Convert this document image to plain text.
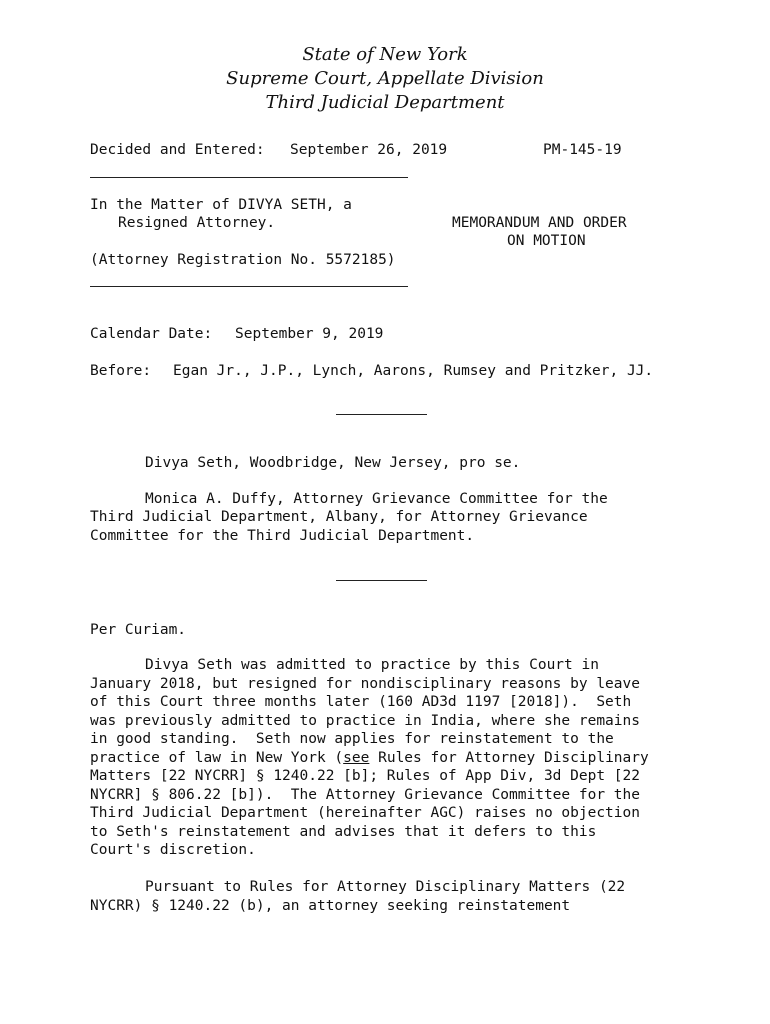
State of New York
Supreme Court, Appellate Division
Third Judicial Department
Decided and Entered: September 26, 2019	PM-145-19
In the Matter of DIVYA SETH, a
Resigned Attorney.
(Attorney Registration No. 5572185)
MEMORANDUM AND ORDER
ON MOTION
Calendar Date: September 9, 2019
Before: Egan Jr., J.P., Lynch, Aarons, Rumsey and Pritzker, JJ.
Divya Seth, Woodbridge, New Jersey, pro se.
Monica A. Duffy, Attorney Grievance Committee for the Third Judicial Department, Albany, for Attorney Grievance Committee for the Third Judicial Department.
Per Curiam.
Divya Seth was admitted to practice by this Court in
January 2018, but resigned for nondisciplinary reasons by leave
of this Court three months later (160 AD3d 1197 [2018]).  Seth
was previously admitted to practice in India, where she remains
in good standing.  Seth now applies for reinstatement to the
practice of law in New York (see Rules for Attorney Disciplinary
Matters [22 NYCRR] § 1240.22 [b]; Rules of App Div, 3d Dept [22
NYCRR] § 806.22 [b]).  The Attorney Grievance Committee for the
Third Judicial Department (hereinafter AGC) raises no objection
to Seth's reinstatement and advises that it defers to this
Court's discretion.
Pursuant to Rules for Attorney Disciplinary Matters (22
NYCRR) § 1240.22 (b), an attorney seeking reinstatement
